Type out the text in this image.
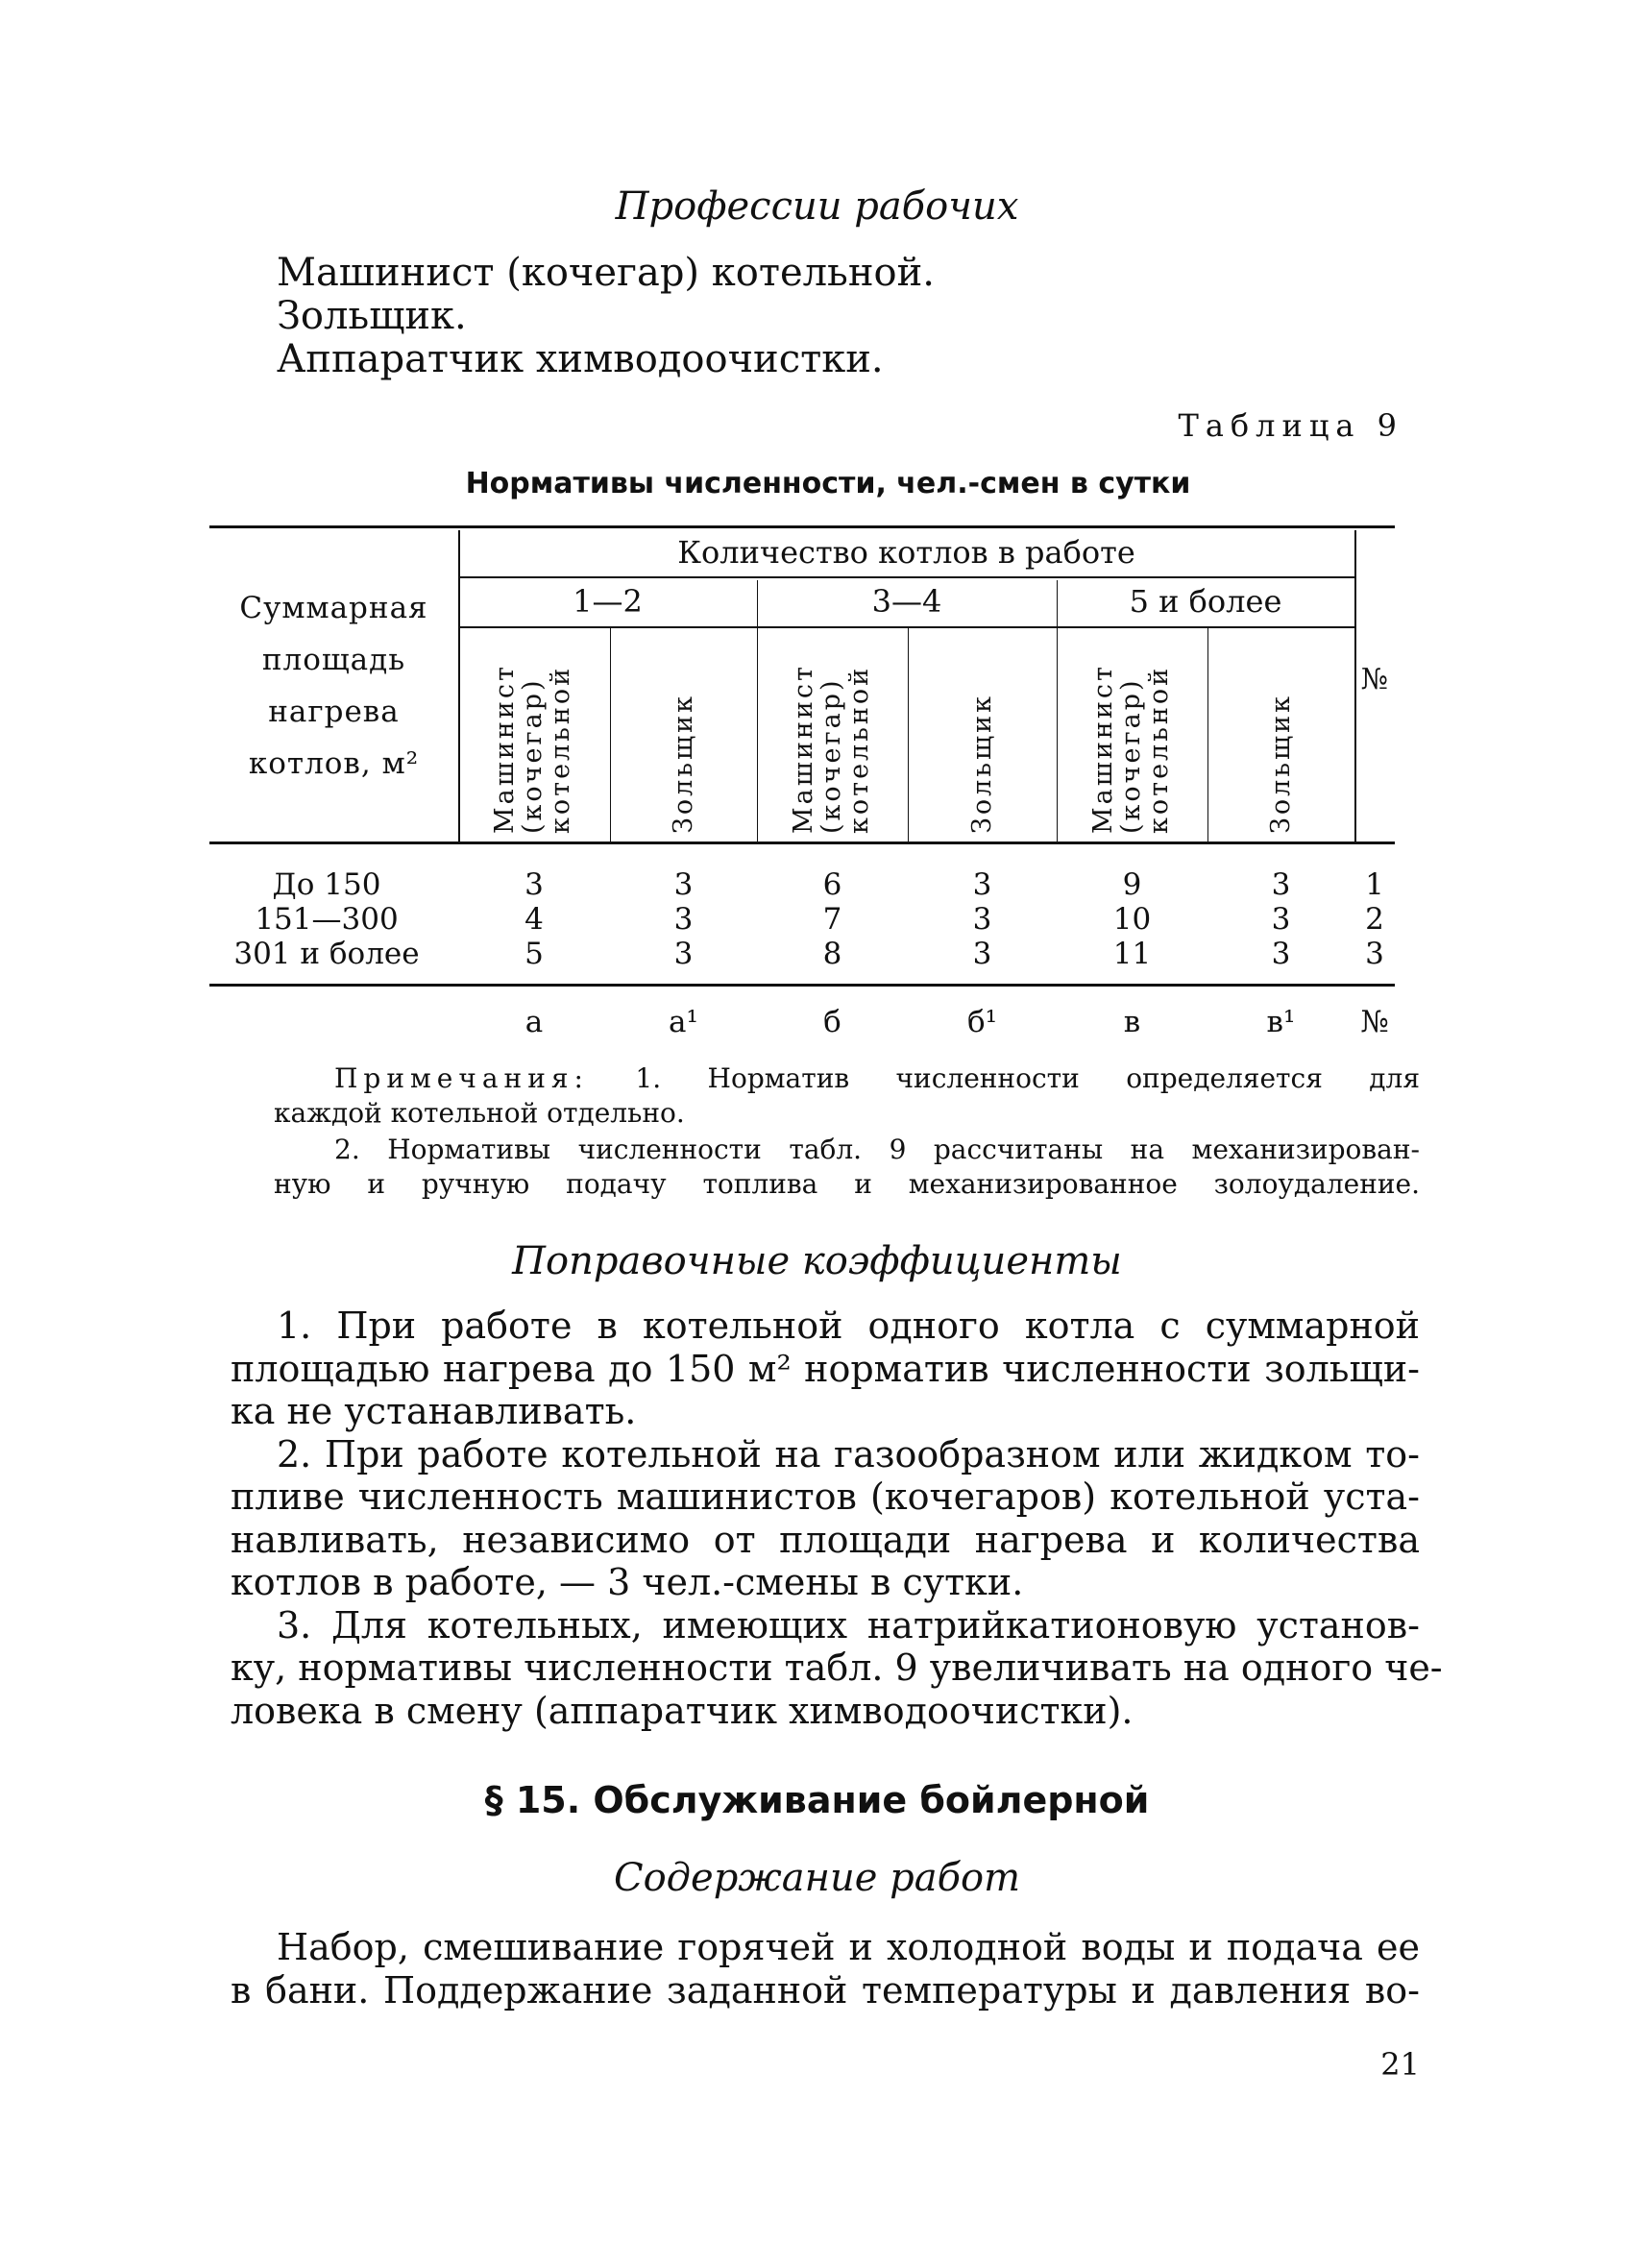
Профессии рабочих
Машинист (кочегар) котельной.
Зольщик.
Аппаратчик химводоочистки.
Таблица 9
Нормативы численности, чел.-смен в сутки
Суммарная
площадь
нагрева
котлов, м²
Количество котлов в работе
1—2	3—4	5 и более
Машинист (кочегар) котельной	Зольщик	Машинист (кочегар) котельной	Зольщик	Машинист (кочегар) котельной	Зольщик
№
До 150	3	3	6	3	9	3	1
151—300	4	3	7	3	10	3	2
301 и более	5	3	8	3	11	3	3
а	а¹	б	б¹	в	в¹	№
Примечания: 1. Норматив численности определяется для
каждой котельной отдельно.
2. Нормативы численности табл. 9 рассчитаны на механизирован-
ную и ручную подачу топлива и механизированное золоудаление.
Поправочные коэффициенты
1. При работе в котельной одного котла с суммарной
площадью нагрева до 150 м² норматив численности зольщи-
ка не устанавливать.
2. При работе котельной на газообразном или жидком то-
пливе численность машинистов (кочегаров) котельной уста-
навливать, независимо от площади нагрева и количества
котлов в работе, — 3 чел.-смены в сутки.
3. Для котельных, имеющих натрийкатионовую установ-
ку, нормативы численности табл. 9 увеличивать на одного че-
ловека в смену (аппаратчик химводоочистки).
§ 15. Обслуживание бойлерной
Содержание работ
Набор, смешивание горячей и холодной воды и подача ее
в бани. Поддержание заданной температуры и давления во-
21
